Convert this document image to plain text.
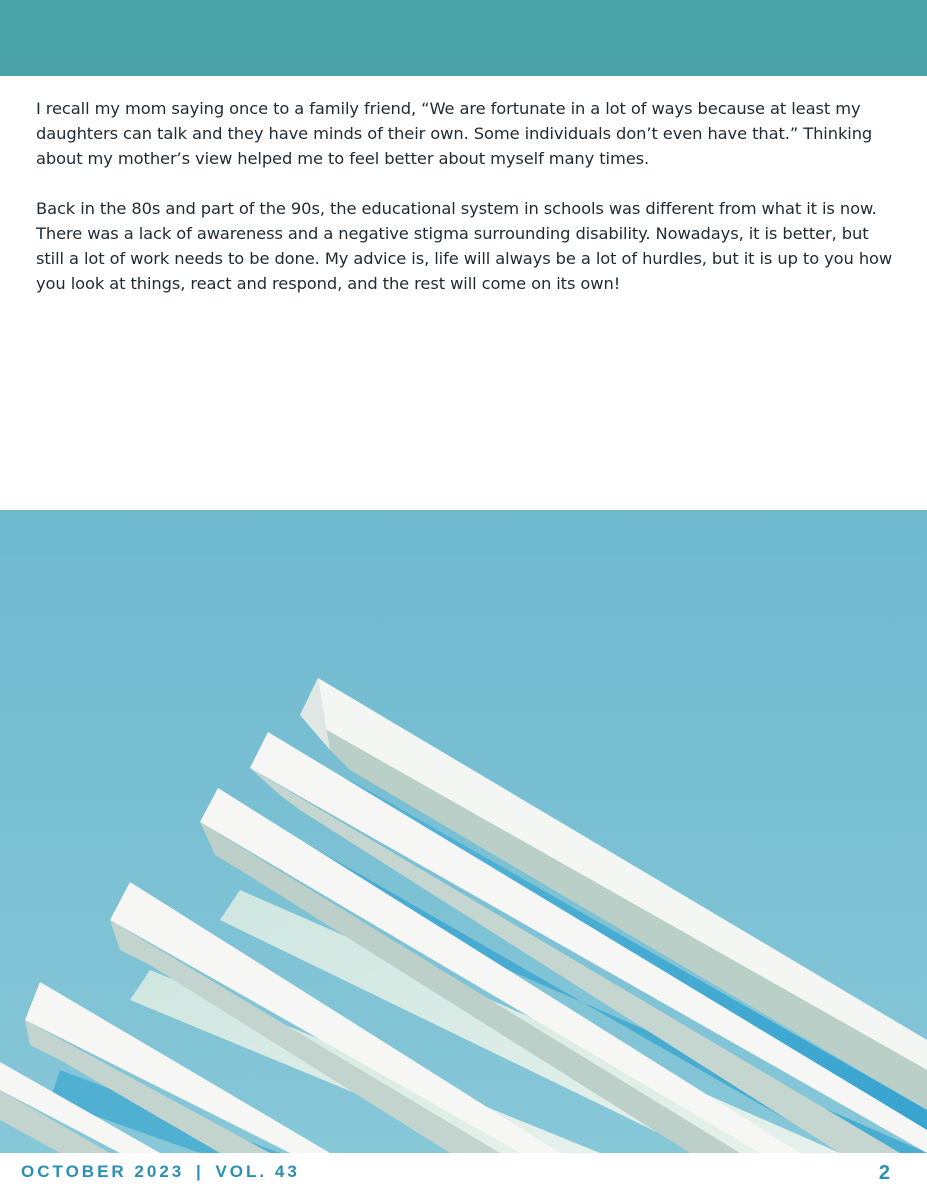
I recall my mom saying once to a family friend, “We are fortunate in a lot of ways because at least my daughters can talk and they have minds of their own. Some individuals don’t even have that.” Thinking about my mother’s view helped me to feel better about myself many times.

Back in the 80s and part of the 90s, the educational system in schools was different from what it is now. There was a lack of awareness and a negative stigma surrounding disability. Nowadays, it is better, but still a lot of work needs to be done. My advice is, life will always be a lot of hurdles, but it is up to you how you look at things, react and respond, and the rest will come on its own!

OCTOBER 2023 | VOL. 43	2
